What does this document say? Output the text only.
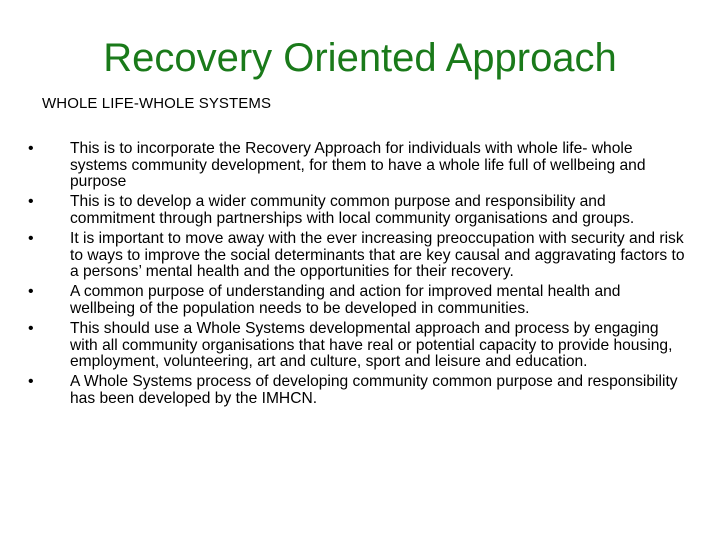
Recovery Oriented Approach
WHOLE LIFE-WHOLE SYSTEMS
•	This is to incorporate the Recovery Approach for individuals with whole life- whole systems community development, for them to have a whole life full of wellbeing and purpose
•	This is to develop a wider community common purpose and responsibility and commitment through partnerships with local community organisations and groups.
•	It is important to move away with the ever increasing preoccupation with security and risk to ways to improve the social determinants that are key causal and aggravating factors to a persons’ mental health and the opportunities for their recovery.
•	A common purpose of understanding and action for improved mental health and wellbeing of the population needs to be developed in communities.
•	This should use a Whole Systems developmental approach and process by engaging with all community organisations that have real or potential capacity to provide housing, employment, volunteering, art and culture, sport and leisure and education.
•	A Whole Systems process of developing community common purpose and responsibility has been developed by the IMHCN.
